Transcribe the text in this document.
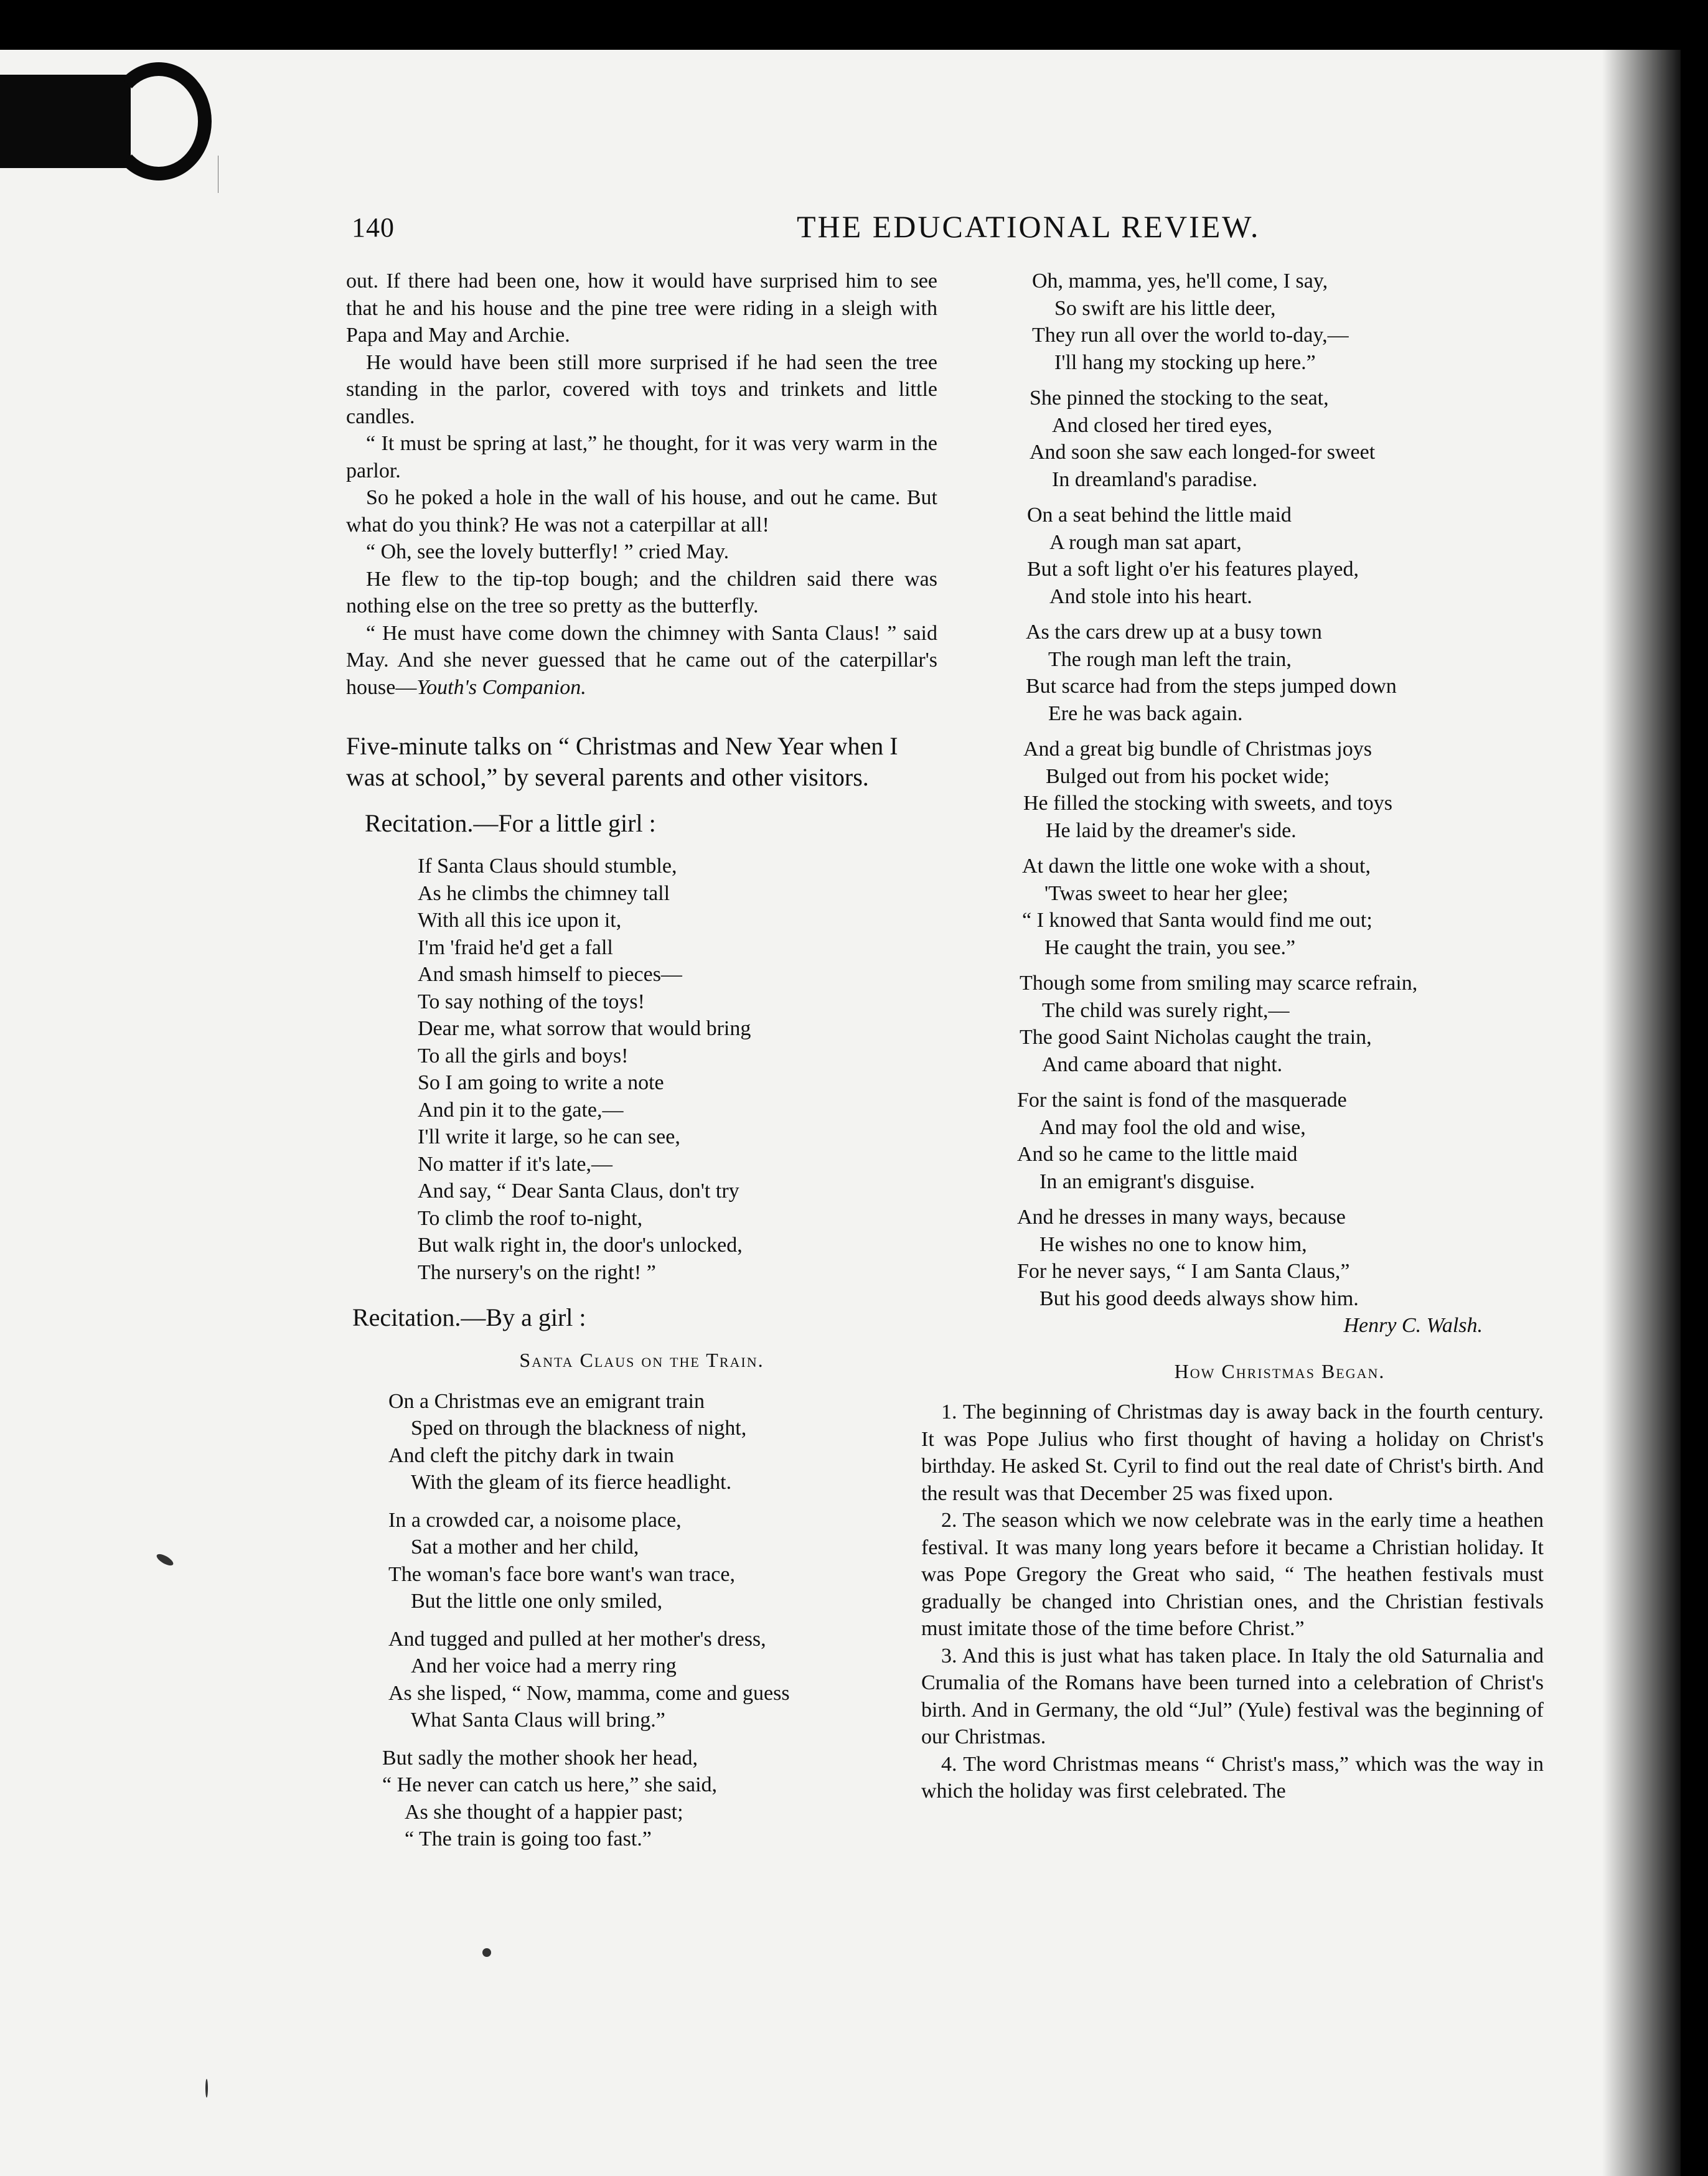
140	THE EDUCATIONAL REVIEW.

out. If there had been one, how it would have surprised him to see that he and his house and the pine tree were riding in a sleigh with Papa and May and Archie.

He would have been still more surprised if he had seen the tree standing in the parlor, covered with toys and trinkets and little candles.

“ It must be spring at last,” he thought, for it was very warm in the parlor.

So he poked a hole in the wall of his house, and out he came. But what do you think? He was not a caterpillar at all!

“ Oh, see the lovely butterfly! ” cried May.

He flew to the tip-top bough; and the children said there was nothing else on the tree so pretty as the butterfly.

“ He must have come down the chimney with Santa Claus! ” said May. And she never guessed that he came out of the caterpillar's house—Youth's Companion.

Five-minute talks on “ Christmas and New Year when I was at school,” by several parents and other visitors.
Recitation.—For a little girl :
If Santa Claus should stumble,
As he climbs the chimney tall
With all this ice upon it,
I'm 'fraid he'd get a fall
And smash himself to pieces—
To say nothing of the toys!
Dear me, what sorrow that would bring
To all the girls and boys!
So I am going to write a note
And pin it to the gate,—
I'll write it large, so he can see,
No matter if it's late,—
And say, “ Dear Santa Claus, don't try
To climb the roof to-night,
But walk right in, the door's unlocked,
The nursery's on the right! ”
Recitation.—By a girl :
Santa Claus on the Train.
On a Christmas eve an emigrant train
Sped on through the blackness of night,
And cleft the pitchy dark in twain
With the gleam of its fierce headlight.
In a crowded car, a noisome place,
Sat a mother and her child,
The woman's face bore want's wan trace,
But the little one only smiled,
And tugged and pulled at her mother's dress,
And her voice had a merry ring
As she lisped, “ Now, mamma, come and guess
What Santa Claus will bring.”
But sadly the mother shook her head,
“ He never can catch us here,” she said,
As she thought of a happier past;
“ The train is going too fast.”
Oh, mamma, yes, he'll come, I say,
So swift are his little deer,
They run all over the world to-day,—
I'll hang my stocking up here.”
She pinned the stocking to the seat,
And closed her tired eyes,
And soon she saw each longed-for sweet
In dreamland's paradise.
On a seat behind the little maid
A rough man sat apart,
But a soft light o'er his features played,
And stole into his heart.
As the cars drew up at a busy town
The rough man left the train,
But scarce had from the steps jumped down
Ere he was back again.
And a great big bundle of Christmas joys
Bulged out from his pocket wide;
He filled the stocking with sweets, and toys
He laid by the dreamer's side.
At dawn the little one woke with a shout,
'Twas sweet to hear her glee;
“ I knowed that Santa would find me out;
He caught the train, you see.”
Though some from smiling may scarce refrain,
The child was surely right,—
The good Saint Nicholas caught the train,
And came aboard that night.
For the saint is fond of the masquerade
And may fool the old and wise,
And so he came to the little maid
In an emigrant's disguise.
And he dresses in many ways, because
He wishes no one to know him,
For he never says, “ I am Santa Claus,”
But his good deeds always show him.
Henry C. Walsh.
How Christmas Began.

1. The beginning of Christmas day is away back in the fourth century. It was Pope Julius who first thought of having a holiday on Christ's birthday. He asked St. Cyril to find out the real date of Christ's birth. And the result was that December 25 was fixed upon.

2. The season which we now celebrate was in the early time a heathen festival. It was many long years before it became a Christian holiday. It was Pope Gregory the Great who said, “ The heathen festivals must gradually be changed into Christian ones, and the Christian festivals must imitate those of the time before Christ.”

3. And this is just what has taken place. In Italy the old Saturnalia and Crumalia of the Romans have been turned into a celebration of Christ's birth. And in Germany, the old “Jul” (Yule) festival was the beginning of our Christmas.

4. The word Christmas means “ Christ's mass,” which was the way in which the holiday was first celebrated. The
